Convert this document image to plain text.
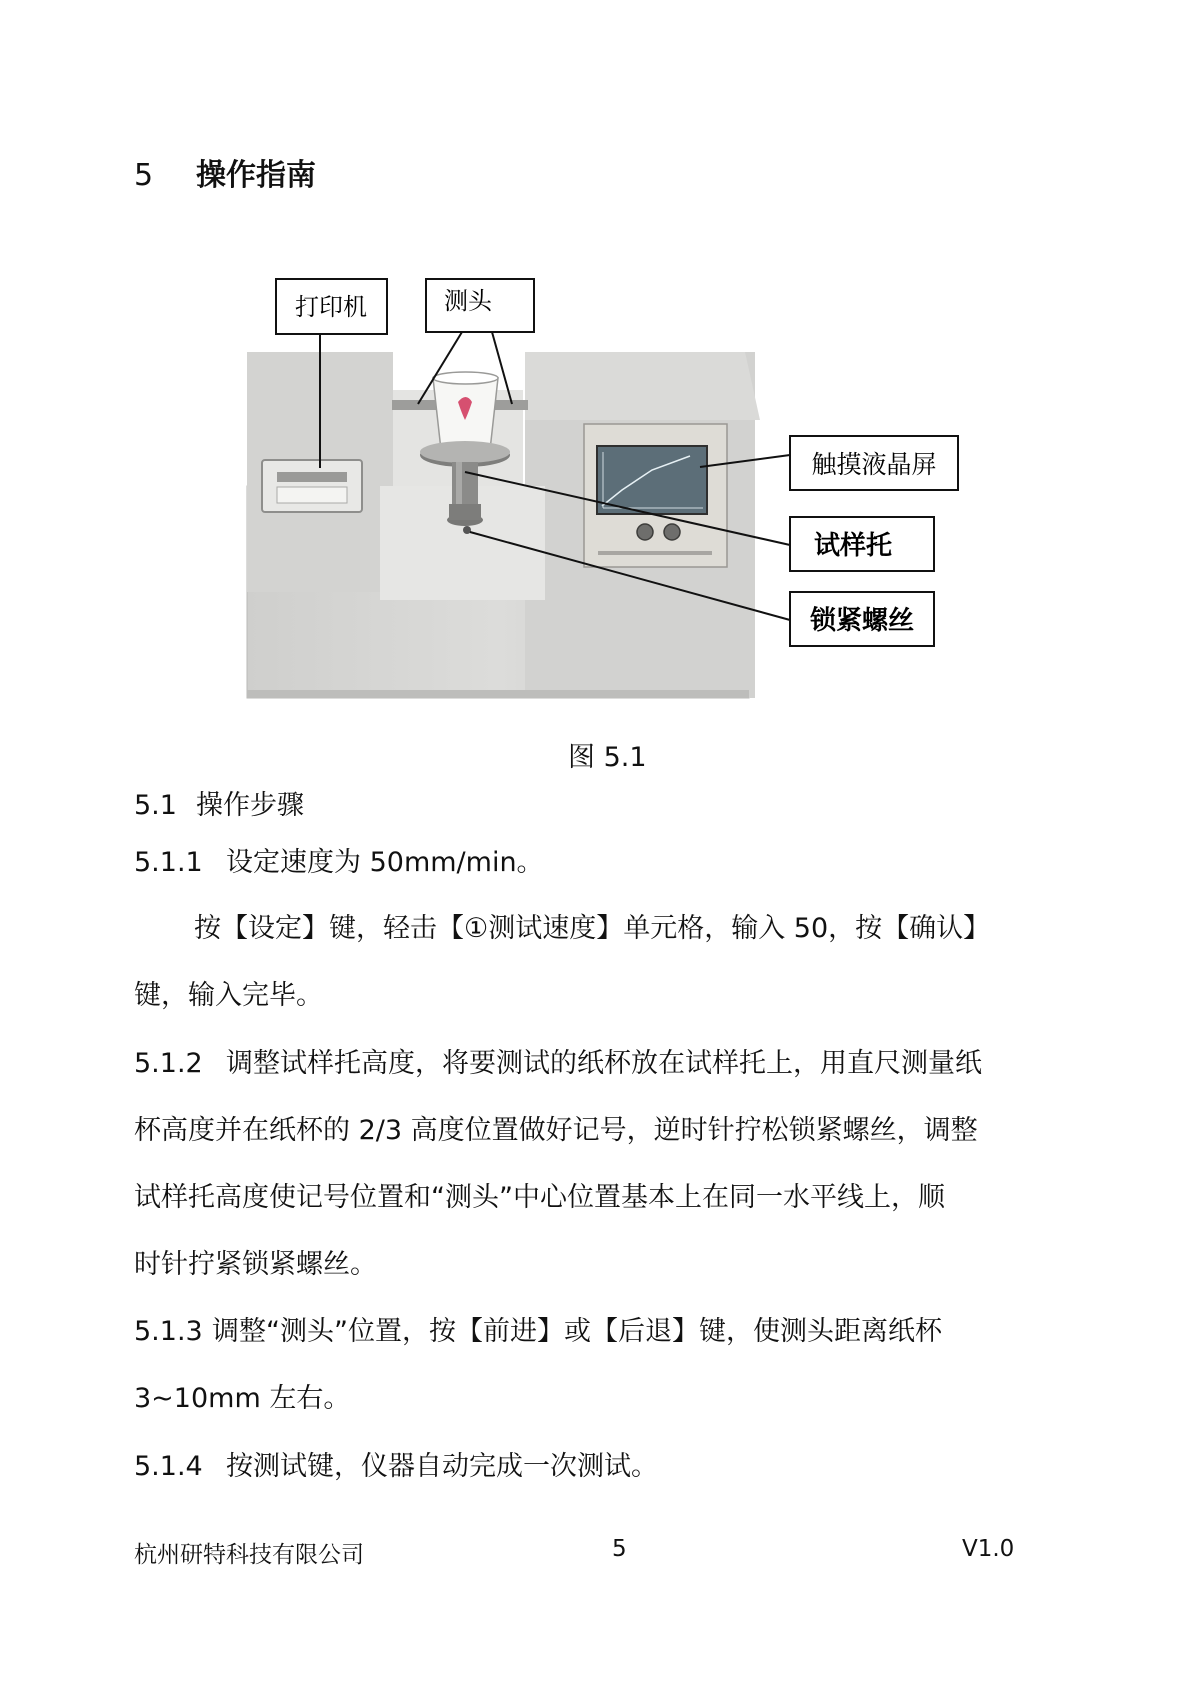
5 操作指南
打印机	测头
触摸液晶屏
试样托
锁紧螺丝
图 5.1
5.1 操作步骤
5.1.1 设定速度为 50mm/min。
按【设定】键，轻击【①测试速度】单元格，输入 50，按【确认】
键，输入完毕。
5.1.2 调整试样托高度，将要测试的纸杯放在试样托上，用直尺测量纸
杯高度并在纸杯的 2/3 高度位置做好记号，逆时针拧松锁紧螺丝，调整
试样托高度使记号位置和“测头”中心位置基本上在同一水平线上，顺
时针拧紧锁紧螺丝。
5.1.3 调整“测头”位置，按【前进】或【后退】键，使测头距离纸杯
3~10mm 左右。
5.1.4 按测试键，仪器自动完成一次测试。
杭州研特科技有限公司	5	V1.0
